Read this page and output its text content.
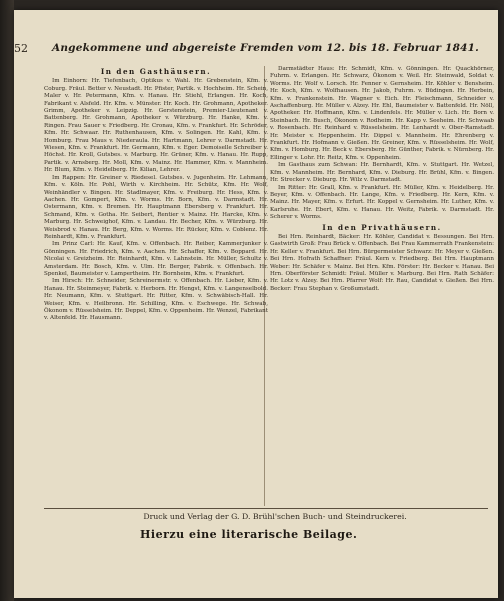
52 Angekommene und abgereiste Fremden vom 12. bis 18. Februar 1841.
In den Gasthäusern.

Im Einhorn: Hr. Tiefenbach, Optikus v. Wahl. Hr. Grebenstein, Kfm. v. Coburg. Fräul. Better v. Neustadt. Hr. Pfister, Partik. v. Hochheim. Hr. Schein, Maler v. Hr. Petermann, Kfm. v. Hanau. Hr. Stiehl, Erlangen. Hr. Koch, Fabrikant v. Alsfeld. Hr. Kfm. v. Münster. Hr. Koch. Hr. Grohmann, Apotheker. Grimm, Apotheker v. Leipzig. Hr. Gerstenstein, Premier-Lieutenant v. Battenberg. Hr. Grohmann, Apotheker v. Würzburg. Hr. Hanke, Kfm. v. Ringen. Frau Sauer v. Friedberg. Hr. Cronau, Kfm. v. Frankfurt. Hr. Schröder, Kfm. Hr. Schwaar. Hr. Ruthenhausen, Kfm. v. Solingen. Hr. Kahl, Kfm. v. Homburg. Frau Maus v. Niederaula. Hr. Hartmann, Lehrer v. Darmstadt. Hr. Wiesen, Kfm. v. Frankfurt. Hr. Germann, Kfm. v. Eger. Demoiselle Schreiber v. Höchst. Hr. Kroll, Gutsbes. v. Marburg. Hr. Grüner, Kfm. v. Hanau. Hr. Rupp, Partik. v. Arnsberg. Hr. Moll, Kfm. v. Mainz. Hr. Hammer, Kfm. v. Mannheim. Hr. Blum, Kfm. v. Heidelberg. Hr. Kilian, Lehrer.

Im Rappen: Hr. Greiner v. Riedesel. Gutsbes. v. Jugenheim. Hr. Lehmann, Kfm. v. Köln. Hr. Pohl, Wirth v. Kirchheim. Hr. Schütz, Kfm. Hr. Wolf, Weinhändler v. Bingen. Hr. Stadlmayer, Kfm. v. Freiburg. Hr. Hess, Kfm. v. Aachen. Hr. Gompert, Kfm. v. Worms. Hr. Born, Kfm. v. Darmstadt. Hr. Ostermann, Kfm. v. Bremen. Hr. Hauptmann Ebersberg v. Frankfurt. Hr. Schmand, Kfm. v. Gotha. Hr. Seibert, Rentier v. Mainz. Hr. Harcke, Kfm. v. Marburg. Hr. Schweighof, Kfm. v. Landau. Hr. Becher, Kfm. v. Würzburg. Hr. Weisbrod v. Hanau. Hr. Berg, Kfm. v. Worms. Hr. Rücker, Kfm. v. Coblenz. Hr. Reinhardt, Kfm. v. Frankfurt.

Im Prinz Carl: Hr. Kauf, Kfm. v. Offenbach. Hr. Reiber, Kammerjunker v. Gönningen. Hr. Friedrich, Kfm. v. Aachen. Hr. Schaffer, Kfm. v. Boppard. Hr. Nicolai v. Greizheim. Hr. Reinhardt, Kfm. v. Lahnstein. Hr. Müller, Schultz v. Amsterdam. Hr. Bosch, Kfm. v. Ulm. Hr. Berger, Fabrik. v. Offenbach. Hr. Spenkel, Baumeister v. Lampertheim. Hr. Bornheim, Kfm. v. Frankfurt.

Im Hirsch: Hr. Schneider, Schreinermstr. v. Offenbach. Hr. Lieber, Kfm. v. Hanau. Hr. Steinmeyer, Fabrik. v. Herborn. Hr. Hengst, Kfm. v. Langenselbold. Hr. Neumann, Kfm. v. Stuttgart. Hr. Ritter, Kfm. v. Schwäbisch-Hall. Hr. Weiser, Kfm. v. Heilbronn. Hr. Schilling, Kfm. v. Eschwege. Hr. Schwab, Ökonom v. Rüsselsheim. Hr. Deppel, Kfm. v. Oppenheim. Hr. Wenzel, Fabrikant v. Altenfeld. Hr. Hausmann.

Darmstädter Haus: Hr. Schmidt, Kfm. v. Gönningen. Hr. Quackhörner, Fuhrm. v. Erlangen. Hr. Schwarz, Ökonom v. Weil. Hr. Steinwald, Soldat v. Worms. Hr. Wolf v. Lorsch. Hr. Fenner v. Gernsheim. Hr. Köhler v. Bensheim. Hr. Koch, Kfm. v. Wolfhausen. Hr. Jakob, Fuhrm. v. Büdingen. Hr. Herbein, Kfm. v. Frankenstein. Hr. Wagner v. Eich. Hr. Fleischmann, Schneider v. Aschaffenburg. Hr. Müller v. Alzey. Hr. Ehl, Baumeister v. Battenfeld. Hr. Nöll, Apotheker. Hr. Hoffmann, Kfm. v. Lindenfels. Hr. Müller v. Lich. Hr. Born v. Steinbach. Hr. Busch, Ökonom v. Rodheim. Hr. Kapp v. Seeheim. Hr. Schwaab v. Rosenbach. Hr. Reinhard v. Rüsselsheim. Hr. Lenhardt v. Ober-Ramstadt. Hr. Meister v. Heppenheim. Hr. Dippel v. Mannheim. Hr. Ehrenberg v. Frankfurt. Hr. Hofmann v. Gießen. Hr. Greiner, Kfm. v. Rüsselsheim. Hr. Wolf, Kfm. v. Homburg. Hr. Beck v. Ebersberg. Hr. Günther, Fabrik. v. Nürnberg. Hr. Ellinger v. Lohr. Hr. Reitz, Kfm. v. Oppenheim.

Im Gasthaus zum Schwan: Hr. Bernhardt, Kfm. v. Stuttgart. Hr. Wetzel, Kfm. v. Mannheim. Hr. Bernhard, Kfm. v. Dieburg. Hr. Brühl, Kfm. v. Bingen. Hr. Strecker v. Dieburg. Hr. Wilz v. Darmstadt.

Im Ritter: Hr. Grall, Kfm. v. Frankfurt. Hr. Müller, Kfm. v. Heidelberg. Hr. Beyer, Kfm. v. Offenbach. Hr. Lange, Kfm. v. Friedberg. Hr. Kern, Kfm. v. Mainz. Hr. Mayer, Kfm. v. Erfurt. Hr. Koppel v. Gernsheim. Hr. Luther, Kfm. v. Karlsruhe. Hr. Ebert, Kfm. v. Hanau. Hr. Weitz, Fabrik. v. Darmstadt. Hr. Scherer v. Worms.

In den Privathäusern.

Bei Hrn. Reinhardt, Bäcker: Hr. Köhler, Candidat v. Bessungen. Bei Hrn. Gastwirth Groß: Frau Brück v. Offenbach. Bei Frau Kammerrath Frankenstein: Hr. Keller v. Frankfurt. Bei Hrn. Bürgermeister Schwarz: Hr. Meyer v. Gießen. Bei Hrn. Hofrath Schaffner: Fräul. Kern v. Friedberg. Bei Hrn. Hauptmann Weber: Hr. Schäfer v. Mainz. Bei Hrn. Kfm. Förster: Hr. Becker v. Hanau. Bei Hrn. Oberförster Schmidt: Fräul. Müller v. Marburg. Bei Hrn. Rath Schäfer: Hr. Lotz v. Alzey. Bei Hrn. Pfarrer Wolf: Hr. Rau, Candidat v. Gießen. Bei Hrn. Becker: Frau Stephan v. Großumstadt.

Druck und Verlag der G. D. Brühl'schen Buch- und Steindruckerei.
Hierzu eine literarische Beilage.
